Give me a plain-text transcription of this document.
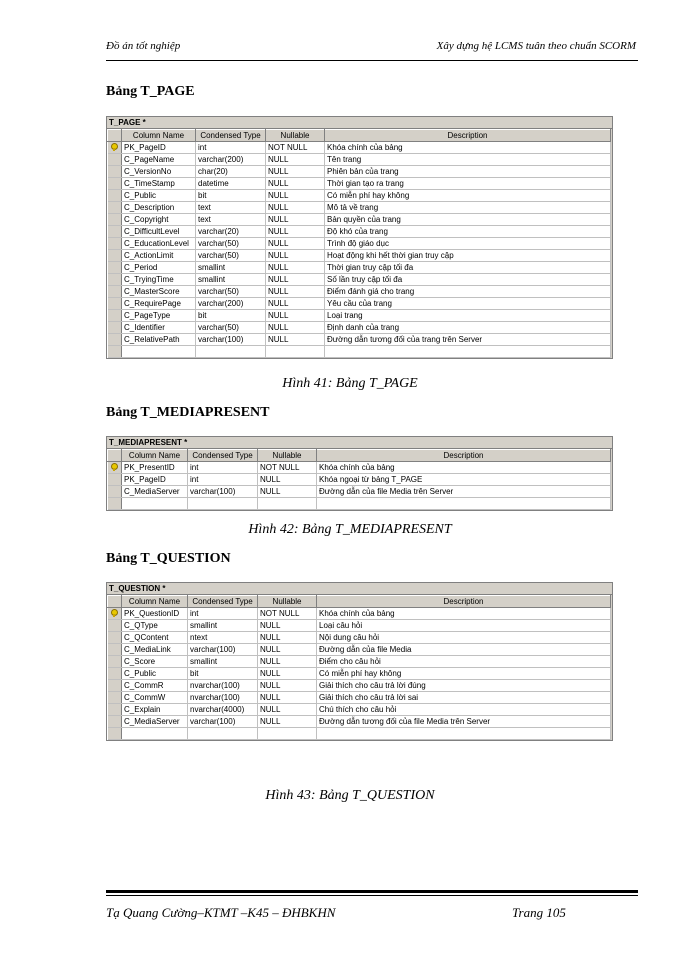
Đồ án tốt nghiệp	Xây dựng hệ LCMS tuân theo chuẩn SCORM
Bảng T_PAGE
T_PAGE *
	Column Name	Condensed Type	Nullable	Description
	PK_PageID	int	NOT NULL	Khóa chính của bảng
	C_PageName	varchar(200)	NULL	Tên trang
	C_VersionNo	char(20)	NULL	Phiên bản của trang
	C_TimeStamp	datetime	NULL	Thời gian tạo ra trang
	C_Public	bit	NULL	Có miễn phí hay không
	C_Description	text	NULL	Mô tả về trang
	C_Copyright	text	NULL	Bản quyền của trang
	C_DifficultLevel	varchar(20)	NULL	Độ khó của trang
	C_EducationLevel	varchar(50)	NULL	Trình độ giáo dục
	C_ActionLimit	varchar(50)	NULL	Hoạt động khi hết thời gian truy cập
	C_Period	smallint	NULL	Thời gian truy cập tối đa
	C_TryingTime	smallint	NULL	Số lần truy cập tối đa
	C_MasterScore	varchar(50)	NULL	Điểm đánh giá cho trang
	C_RequirePage	varchar(200)	NULL	Yêu cầu của trang
	C_PageType	bit	NULL	Loại trang
	C_Identifier	varchar(50)	NULL	Định danh của trang
	C_RelativePath	varchar(100)	NULL	Đường dẫn tương đối của trang trên Server

Hình 41: Bảng T_PAGE
Bảng T_MEDIAPRESENT
T_MEDIAPRESENT *
	Column Name	Condensed Type	Nullable	Description
	PK_PresentID	int	NOT NULL	Khóa chính của bảng
	PK_PageID	int	NULL	Khóa ngoại từ bảng T_PAGE
	C_MediaServer	varchar(100)	NULL	Đường dẫn của file Media trên Server

Hình 42: Bảng T_MEDIAPRESENT
Bảng T_QUESTION
T_QUESTION *
	Column Name	Condensed Type	Nullable	Description
	PK_QuestionID	int	NOT NULL	Khóa chính của bảng
	C_QType	smallint	NULL	Loại câu hỏi
	C_QContent	ntext	NULL	Nội dung câu hỏi
	C_MediaLink	varchar(100)	NULL	Đường dẫn của file Media
	C_Score	smallint	NULL	Điểm cho câu hỏi
	C_Public	bit	NULL	Có miễn phí hay không
	C_CommR	nvarchar(100)	NULL	Giải thích cho câu trả lời đúng
	C_CommW	nvarchar(100)	NULL	Giải thích cho câu trả lời sai
	C_Explain	nvarchar(4000)	NULL	Chú thích cho câu hỏi
	C_MediaServer	varchar(100)	NULL	Đường dẫn tương đối của file Media trên Server

Hình 43: Bảng T_QUESTION
Tạ Quang Cường–KTMT –K45 – ĐHBKHN	Trang 105
